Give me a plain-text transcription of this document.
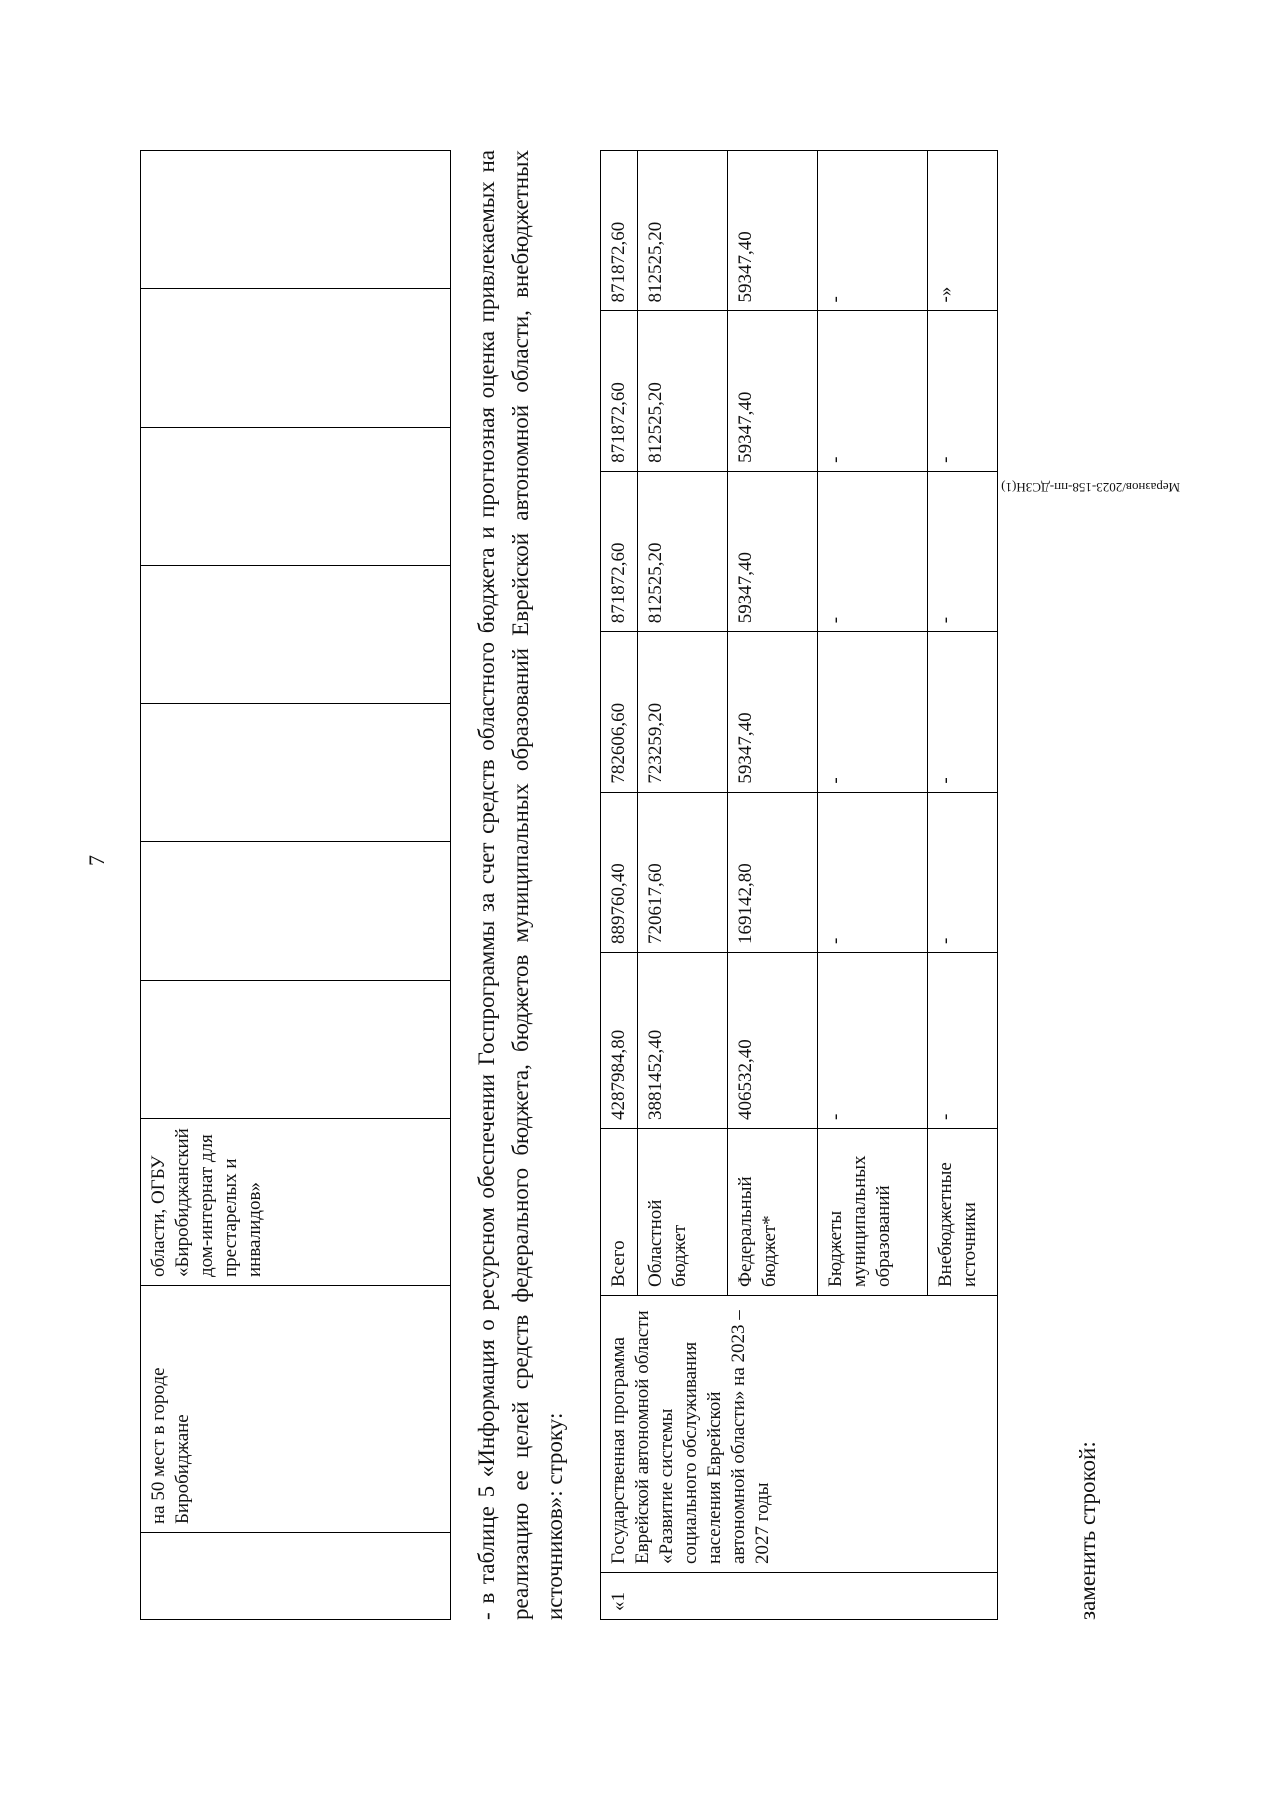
7
	на 50 мест в городе Биробиджане	области, ОГБУ «Биробиджанский дом-интернат для престарелых и инвалидов»								- в таблице 5 «Информация о ресурсном обеспечении Госпрограммы за счет средств областного бюджета и прогнозная оценка привлекаемых на реализацию ее целей средств федерального бюджета, бюджетов муниципальных образований Еврейской автономной области, внебюджетных источников»: строку:
«1	Государственная программа Еврейской автономной области «Развитие системы социального обслуживания населения Еврейской автономной области» на 2023 – 2027 годы	Всего	4287984,80	889760,40	782606,60	871872,60	871872,60	871872,60
		Областной бюджет	3881452,40	720617,60	723259,20	812525,20	812525,20	812525,20
		Федеральный бюджет*	406532,40	169142,80	59347,40	59347,40	59347,40	59347,40
		Бюджеты муниципальных образований	-	-	-	-	-	-
		Внебюджетные источники	-	-	-	-	-	-»
заменить строкой:
Меразнов/2023-158-пп-ДСЗН(1)
